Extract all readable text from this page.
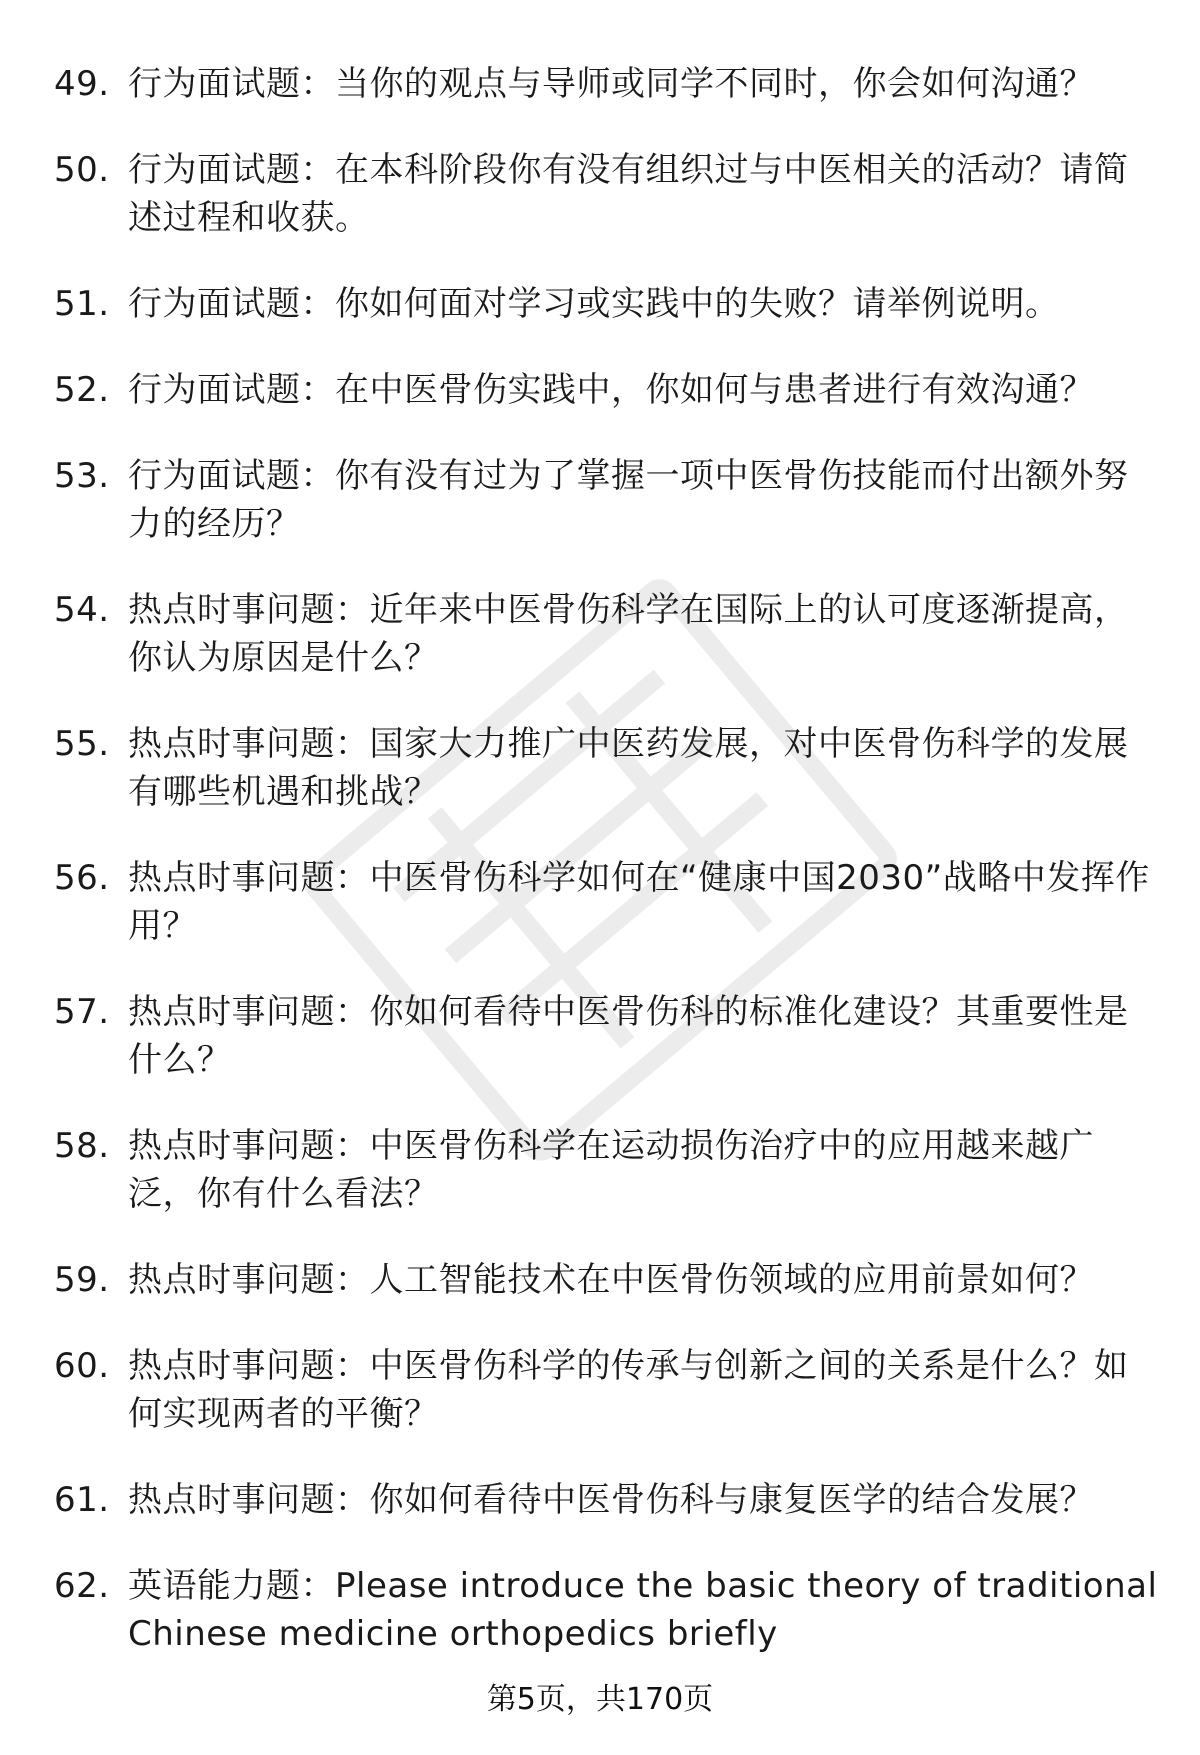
49. 行为面试题：当你的观点与导师或同学不同时，你会如何沟通？
50. 行为面试题：在本科阶段你有没有组织过与中医相关的活动？请简述过程和收获。
51. 行为面试题：你如何面对学习或实践中的失败？请举例说明。
52. 行为面试题：在中医骨伤实践中，你如何与患者进行有效沟通？
53. 行为面试题：你有没有过为了掌握一项中医骨伤技能而付出额外努力的经历？
54. 热点时事问题：近年来中医骨伤科学在国际上的认可度逐渐提高，你认为原因是什么？
55. 热点时事问题：国家大力推广中医药发展，对中医骨伤科学的发展有哪些机遇和挑战？
56. 热点时事问题：中医骨伤科学如何在“健康中国2030”战略中发挥作用？
57. 热点时事问题：你如何看待中医骨伤科的标准化建设？其重要性是什么？
58. 热点时事问题：中医骨伤科学在运动损伤治疗中的应用越来越广泛，你有什么看法？
59. 热点时事问题：人工智能技术在中医骨伤领域的应用前景如何？
60. 热点时事问题：中医骨伤科学的传承与创新之间的关系是什么？如何实现两者的平衡？
61. 热点时事问题：你如何看待中医骨伤科与康复医学的结合发展？
62. 英语能力题：Please introduce the basic theory of traditional Chinese medicine orthopedics briefly
第5页，共170页
